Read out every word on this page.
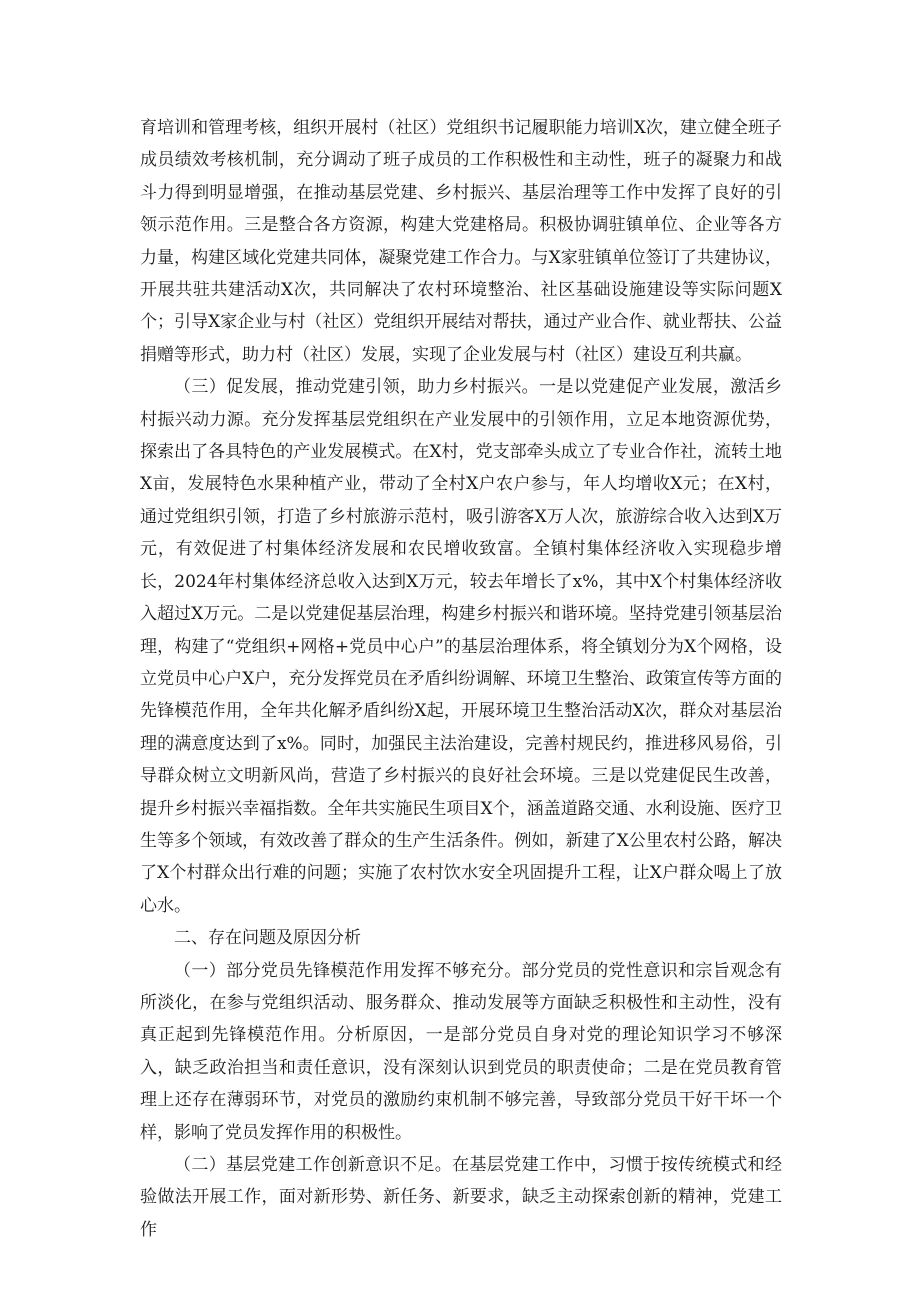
育培训和管理考核，组织开展村（社区）党组织书记履职能力培训X次，建立健全班子成员绩效考核机制，充分调动了班子成员的工作积极性和主动性，班子的凝聚力和战斗力得到明显增强，在推动基层党建、乡村振兴、基层治理等工作中发挥了良好的引领示范作用。三是整合各方资源，构建大党建格局。积极协调驻镇单位、企业等各方力量，构建区域化党建共同体，凝聚党建工作合力。与X家驻镇单位签订了共建协议，开展共驻共建活动X次，共同解决了农村环境整治、社区基础设施建设等实际问题X个；引导X家企业与村（社区）党组织开展结对帮扶，通过产业合作、就业帮扶、公益捐赠等形式，助力村（社区）发展，实现了企业发展与村（社区）建设互利共赢。

（三）促发展，推动党建引领，助力乡村振兴。一是以党建促产业发展，激活乡村振兴动力源。充分发挥基层党组织在产业发展中的引领作用，立足本地资源优势，探索出了各具特色的产业发展模式。在X村，党支部牵头成立了专业合作社，流转土地X亩，发展特色水果种植产业，带动了全村X户农户参与，年人均增收X元；在X村，通过党组织引领，打造了乡村旅游示范村，吸引游客X万人次，旅游综合收入达到X万元，有效促进了村集体经济发展和农民增收致富。全镇村集体经济收入实现稳步增长，2024年村集体经济总收入达到X万元，较去年增长了x%，其中X个村集体经济收入超过X万元。二是以党建促基层治理，构建乡村振兴和谐环境。坚持党建引领基层治理，构建了“党组织+网格+党员中心户”的基层治理体系，将全镇划分为X个网格，设立党员中心户X户，充分发挥党员在矛盾纠纷调解、环境卫生整治、政策宣传等方面的先锋模范作用，全年共化解矛盾纠纷X起，开展环境卫生整治活动X次，群众对基层治理的满意度达到了x%。同时，加强民主法治建设，完善村规民约，推进移风易俗，引导群众树立文明新风尚，营造了乡村振兴的良好社会环境。三是以党建促民生改善，提升乡村振兴幸福指数。全年共实施民生项目X个，涵盖道路交通、水利设施、医疗卫生等多个领域，有效改善了群众的生产生活条件。例如，新建了X公里农村公路，解决了X个村群众出行难的问题；实施了农村饮水安全巩固提升工程，让X户群众喝上了放心水。

二、存在问题及原因分析

（一）部分党员先锋模范作用发挥不够充分。部分党员的党性意识和宗旨观念有所淡化，在参与党组织活动、服务群众、推动发展等方面缺乏积极性和主动性，没有真正起到先锋模范作用。分析原因，一是部分党员自身对党的理论知识学习不够深入，缺乏政治担当和责任意识，没有深刻认识到党员的职责使命；二是在党员教育管理上还存在薄弱环节，对党员的激励约束机制不够完善，导致部分党员干好干坏一个样，影响了党员发挥作用的积极性。

（二）基层党建工作创新意识不足。在基层党建工作中，习惯于按传统模式和经验做法开展工作，面对新形势、新任务、新要求，缺乏主动探索创新的精神，党建工作
